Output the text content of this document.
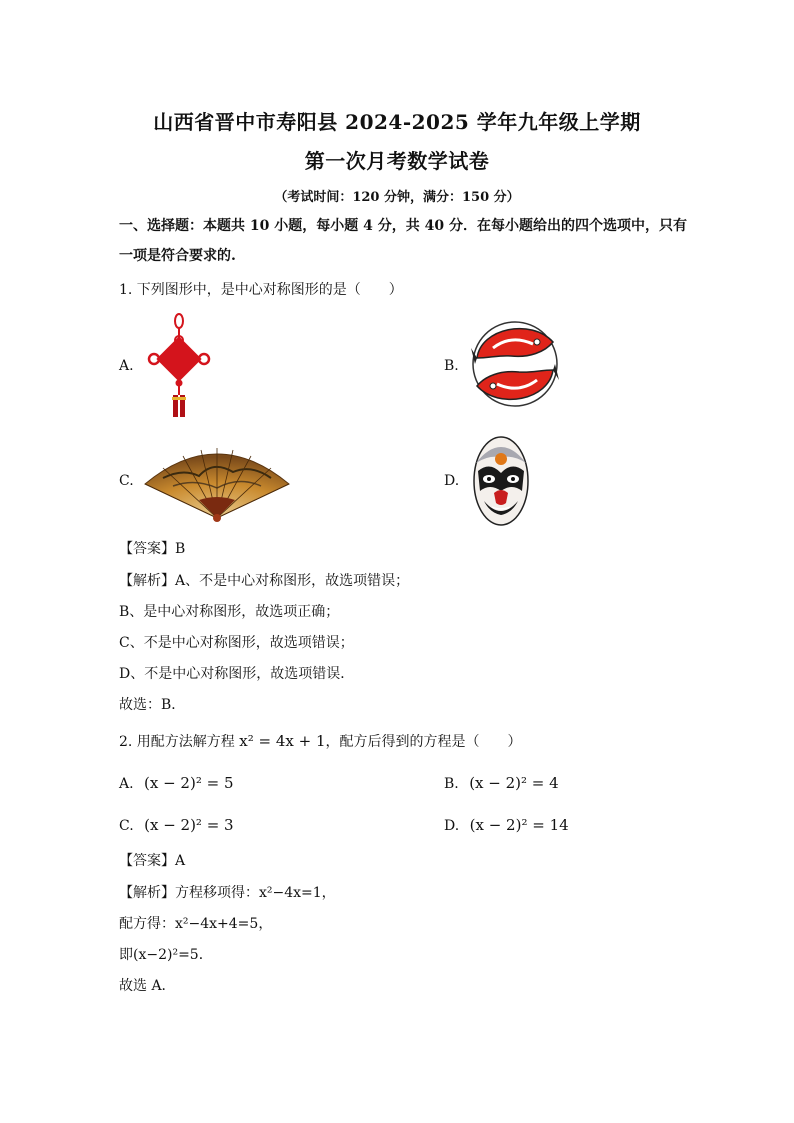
山西省晋中市寿阳县 2024-2025 学年九年级上学期
第一次月考数学试卷
（考试时间：120 分钟，满分：150 分）
一、选择题：本题共 10 小题，每小题 4 分，共 40 分．在每小题给出的四个选项中，只有
一项是符合要求的.
1. 下列图形中，是中心对称图形的是（　　）
A.	B.
C.	D.
【答案】B
【解析】A、不是中心对称图形，故选项错误；
B、是中心对称图形，故选项正确；
C、不是中心对称图形，故选项错误；
D、不是中心对称图形，故选项错误．
故选：B．
2. 用配方法解方程 x² = 4x + 1，配方后得到的方程是（　　）
A. (x − 2)² = 5	B. (x − 2)² = 4
C. (x − 2)² = 3	D. (x − 2)² = 14
【答案】A
【解析】方程移项得：x²−4x=1，
配方得：x²−4x+4=5，
即(x−2)²=5．
故选 A．
